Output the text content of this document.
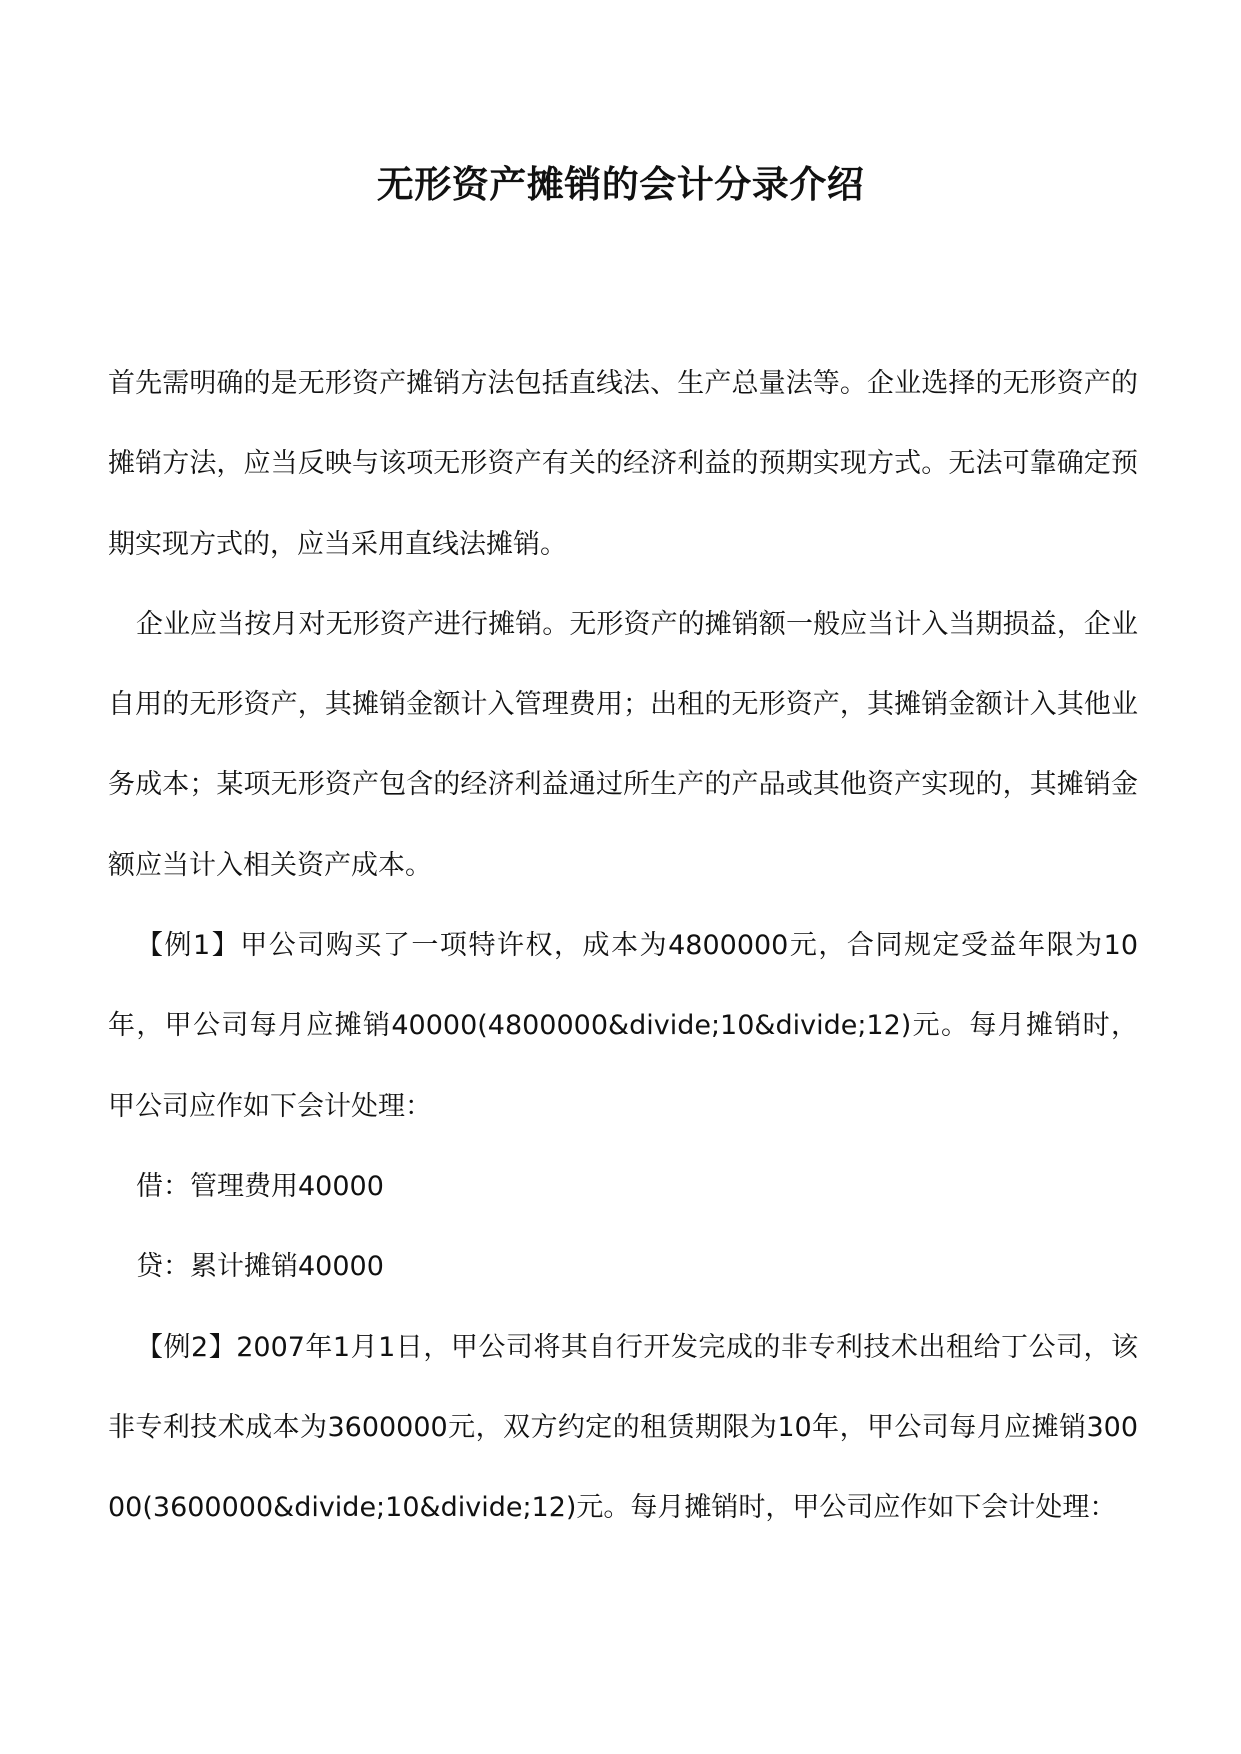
无形资产摊销的会计分录介绍

首先需明确的是无形资产摊销方法包括直线法、生产总量法等。企业选择的无形资产的摊销方法，应当反映与该项无形资产有关的经济利益的预期实现方式。无法可靠确定预期实现方式的，应当采用直线法摊销。

企业应当按月对无形资产进行摊销。无形资产的摊销额一般应当计入当期损益，企业自用的无形资产，其摊销金额计入管理费用；出租的无形资产，其摊销金额计入其他业务成本；某项无形资产包含的经济利益通过所生产的产品或其他资产实现的，其摊销金额应当计入相关资产成本。

【例1】甲公司购买了一项特许权，成本为4800000元，合同规定受益年限为10年，甲公司每月应摊销40000(4800000&divide;10&divide;12)元。每月摊销时，甲公司应作如下会计处理：

借：管理费用40000

贷：累计摊销40000

【例2】2007年1月1日，甲公司将其自行开发完成的非专利技术出租给丁公司，该非专利技术成本为3600000元，双方约定的租赁期限为10年，甲公司每月应摊销30000(3600000&divide;10&divide;12)元。每月摊销时，甲公司应作如下会计处理：
